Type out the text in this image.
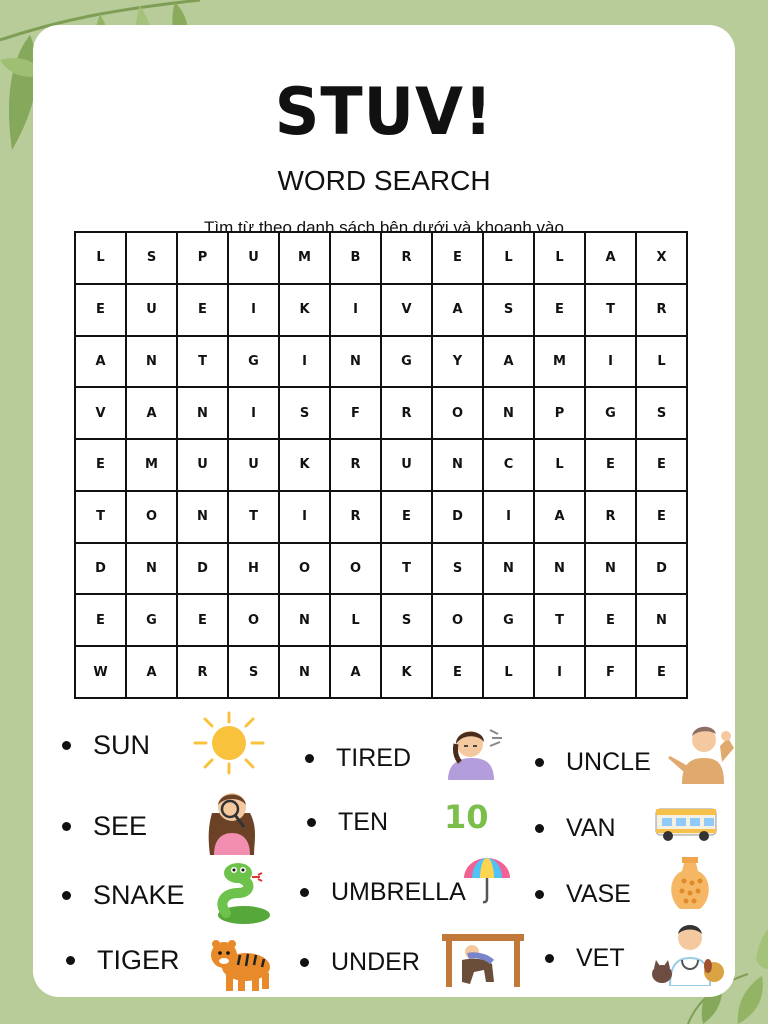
STUV!
WORD SEARCH
Tìm từ theo danh sách bên dưới và khoanh vào
L	S	P	U	M	B	R	E	L	L	A	X
E	U	E	I	K	I	V	A	S	E	T	R
A	N	T	G	I	N	G	Y	A	M	I	L
V	A	N	I	S	F	R	O	N	P	G	S
E	M	U	U	K	R	U	N	C	L	E	E
T	O	N	T	I	R	E	D	I	A	R	E
D	N	D	H	O	O	T	S	N	N	N	D
E	G	E	O	N	L	S	O	G	T	E	N
W	A	R	S	N	A	K	E	L	I	F	E
SUN
SEE
SNAKE
TIGER
TIRED
TEN
UMBRELLA
UNDER
UNCLE
VAN
VASE
VET
10
